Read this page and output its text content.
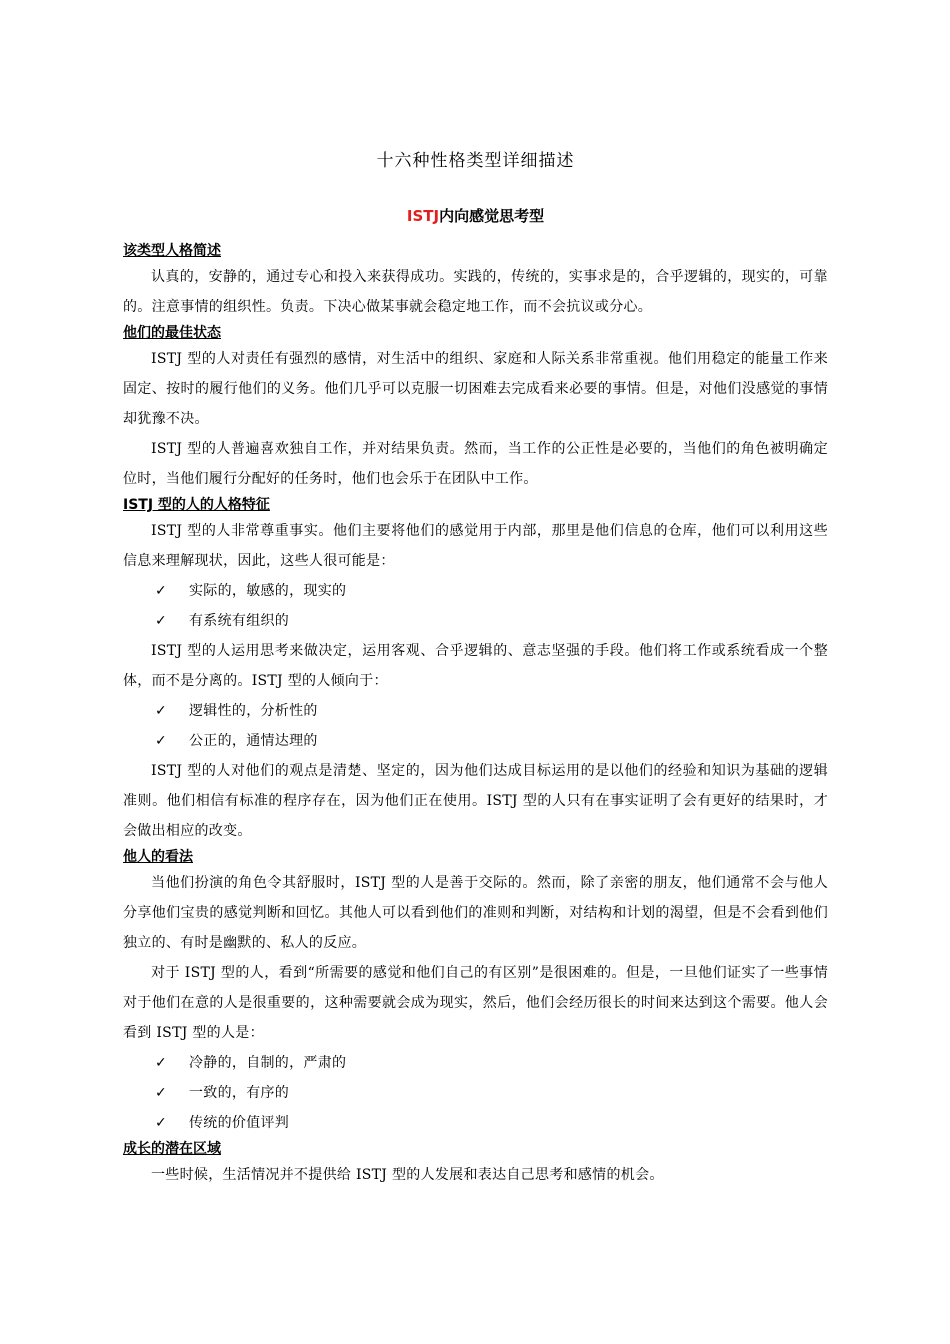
十六种性格类型详细描述
ISTJ内向感觉思考型

该类型人格简述

认真的，安静的，通过专心和投入来获得成功。实践的，传统的，实事求是的，合乎逻辑的，现实的，可靠的。注意事情的组织性。负责。下决心做某事就会稳定地工作，而不会抗议或分心。

他们的最佳状态

ISTJ 型的人对责任有强烈的感情，对生活中的组织、家庭和人际关系非常重视。他们用稳定的能量工作来固定、按时的履行他们的义务。他们几乎可以克服一切困难去完成看来必要的事情。但是，对他们没感觉的事情却犹豫不决。

ISTJ 型的人普遍喜欢独自工作，并对结果负责。然而，当工作的公正性是必要的，当他们的角色被明确定位时，当他们履行分配好的任务时，他们也会乐于在团队中工作。

ISTJ 型的人的人格特征

ISTJ 型的人非常尊重事实。他们主要将他们的感觉用于内部，那里是他们信息的仓库，他们可以利用这些信息来理解现状，因此，这些人很可能是：

✓	实际的，敏感的，现实的

✓	有系统有组织的

ISTJ 型的人运用思考来做决定，运用客观、合乎逻辑的、意志坚强的手段。他们将工作或系统看成一个整体，而不是分离的。ISTJ 型的人倾向于：

✓	逻辑性的，分析性的

✓	公正的，通情达理的

ISTJ 型的人对他们的观点是清楚、坚定的，因为他们达成目标运用的是以他们的经验和知识为基础的逻辑准则。他们相信有标准的程序存在，因为他们正在使用。ISTJ 型的人只有在事实证明了会有更好的结果时，才会做出相应的改变。

他人的看法

当他们扮演的角色令其舒服时，ISTJ 型的人是善于交际的。然而，除了亲密的朋友，他们通常不会与他人分享他们宝贵的感觉判断和回忆。其他人可以看到他们的准则和判断，对结构和计划的渴望，但是不会看到他们独立的、有时是幽默的、私人的反应。

对于 ISTJ 型的人，看到“所需要的感觉和他们自己的有区别”是很困难的。但是，一旦他们证实了一些事情对于他们在意的人是很重要的，这种需要就会成为现实，然后，他们会经历很长的时间来达到这个需要。他人会看到 ISTJ 型的人是：

✓	冷静的，自制的，严肃的

✓	一致的，有序的

✓	传统的价值评判

成长的潜在区域

一些时候，生活情况并不提供给 ISTJ 型的人发展和表达自己思考和感情的机会。
